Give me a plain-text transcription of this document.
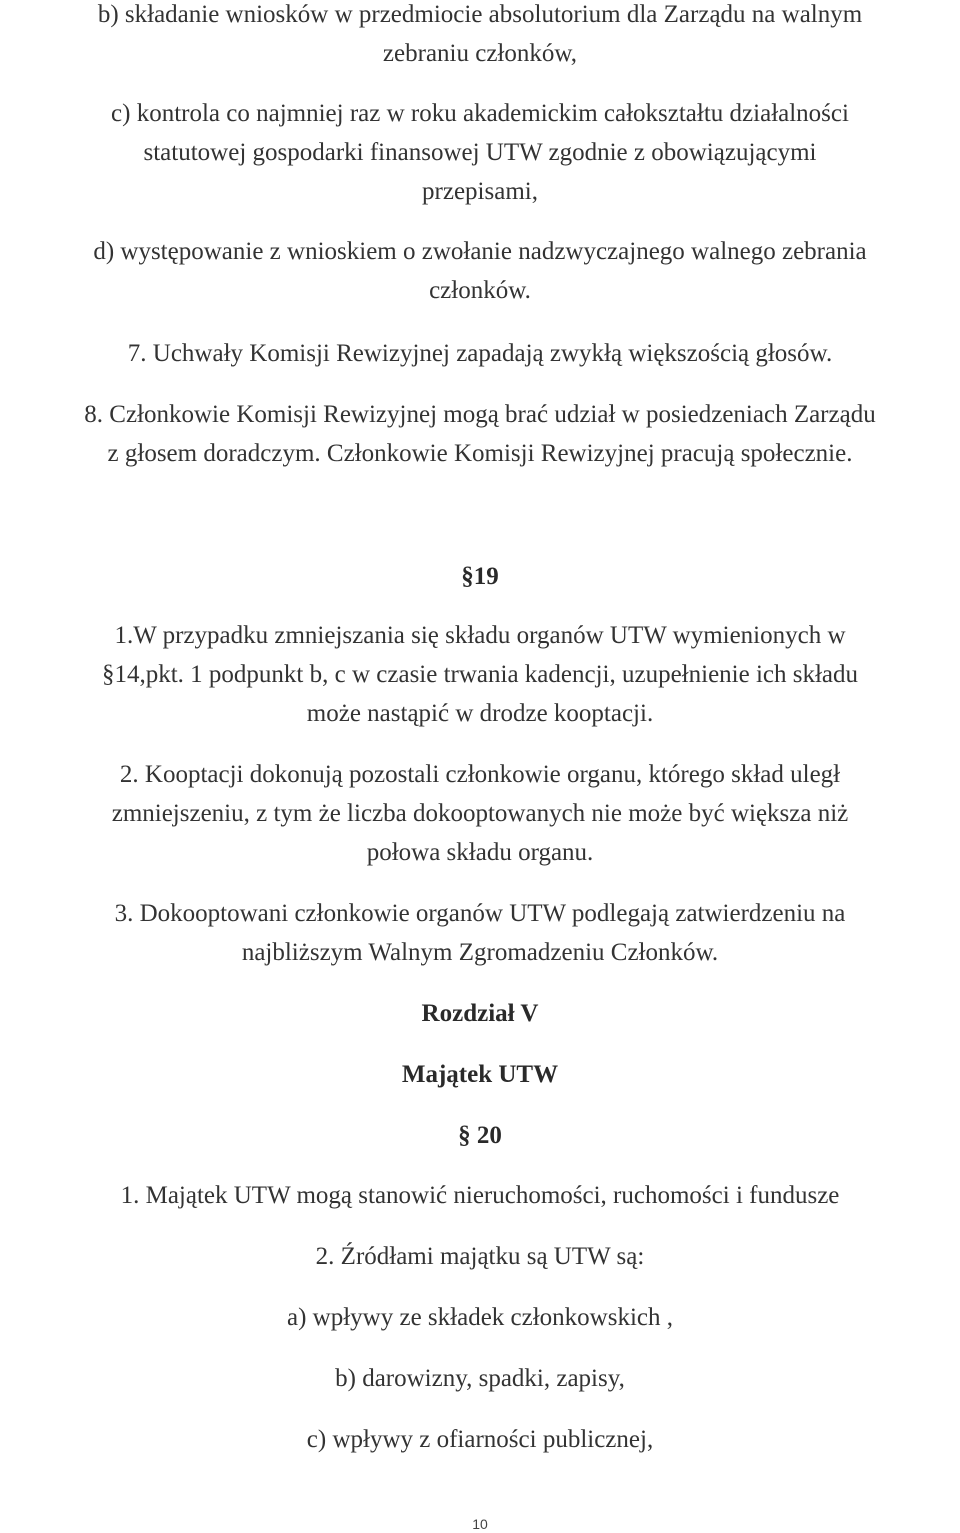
b) składanie wniosków w przedmiocie absolutorium dla Zarządu na walnym
zebraniu członków,

c) kontrola co najmniej raz w roku akademickim całokształtu działalności
statutowej gospodarki finansowej UTW zgodnie z obowiązującymi
przepisami,

d) występowanie z wnioskiem o zwołanie nadzwyczajnego walnego zebrania
członków.

7. Uchwały Komisji Rewizyjnej zapadają zwykłą większością głosów.

8. Członkowie Komisji Rewizyjnej mogą brać udział w posiedzeniach Zarządu
z głosem doradczym. Członkowie Komisji Rewizyjnej pracują społecznie.

§19

1.W przypadku zmniejszania się składu organów UTW wymienionych w
§14,pkt. 1 podpunkt b, c w czasie trwania kadencji, uzupełnienie ich składu
może nastąpić w drodze kooptacji.

2. Kooptacji dokonują pozostali członkowie organu, którego skład uległ
zmniejszeniu, z tym że liczba dokooptowanych nie może być większa niż
połowa składu organu.

3. Dokooptowani członkowie organów UTW podlegają zatwierdzeniu na
najbliższym Walnym Zgromadzeniu Członków.

Rozdział V

Majątek UTW

§ 20

1. Majątek UTW mogą stanowić nieruchomości, ruchomości i fundusze

2. Źródłami majątku są UTW są:

a) wpływy ze składek członkowskich ,

b) darowizny, spadki, zapisy,

c) wpływy z ofiarności publicznej,

10
